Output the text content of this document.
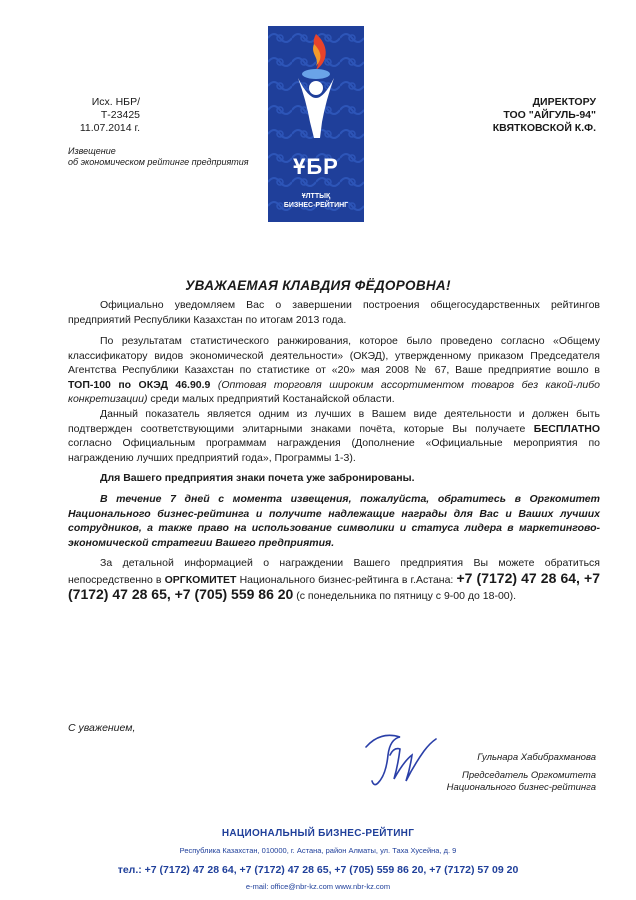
Исх. НБР/Т-23425
11.07.2014 г.
Извещение
об экономическом рейтинге предприятия	ҰБР
ҰЛТТЫҚ
БИЗНЕС-РЕЙТИНГ
ДИРЕКТОРУ
ТОО "АЙГУЛЬ-94"
КВЯТКОВСКОЙ К.Ф.
УВАЖАЕМАЯ КЛАВДИЯ ФЁДОРОВНА!

Официально уведомляем Вас о завершении построения общегосударственных рейтингов предприятий Республики Казахстан по итогам 2013 года.

По результатам статистического ранжирования, которое было проведено согласно «Общему классификатору видов экономической деятельности» (ОКЭД), утвержденному приказом Председателя Агентства Республики Казахстан по статистике от «20» мая 2008 № 67, Ваше предприятие вошло в ТОП-100 по ОКЭД 46.90.9 (Оптовая торговля широким ассортиментом товаров без какой-либо конкретизации) среди малых предприятий Костанайской области.

Данный показатель является одним из лучших в Вашем виде деятельности и должен быть подтвержден соответствующими элитарными знаками почёта, которые Вы получаете БЕСПЛАТНО согласно Официальным программам награждения (Дополнение «Официальные мероприятия по награждению лучших предприятий года», Программы 1-3).

Для Вашего предприятия знаки почета уже забронированы.

В течение 7 дней с момента извещения, пожалуйста, обратитесь в Оргкомитет Национального бизнес-рейтинга и получите надлежащие награды для Вас и Ваших лучших сотрудников, а также право на использование символики и статуса лидера в маркетингово-экономической стратегии Вашего предприятия.

За детальной информацией о награждении Вашего предприятия Вы можете обратиться непосредственно в ОРГКОМИТЕТ Национального бизнес-рейтинга в г.Астана: +7 (7172) 47 28 64, +7 (7172) 47 28 65, +7 (705) 559 86 20 (с понедельника по пятницу с 9-00 до 18-00).

С уважением,
Гульнара Хабибрахманова
Председатель Оргкомитета
Национального бизнес-рейтинга
НАЦИОНАЛЬНЫЙ БИЗНЕС-РЕЙТИНГ
Республика Казахстан, 010000, г. Астана, район Алматы, ул. Таха Хусейна, д. 9
тел.: +7 (7172) 47 28 64, +7 (7172) 47 28 65, +7 (705) 559 86 20, +7 (7172) 57 09 20
e-mail: office@nbr-kz.com www.nbr-kz.com
